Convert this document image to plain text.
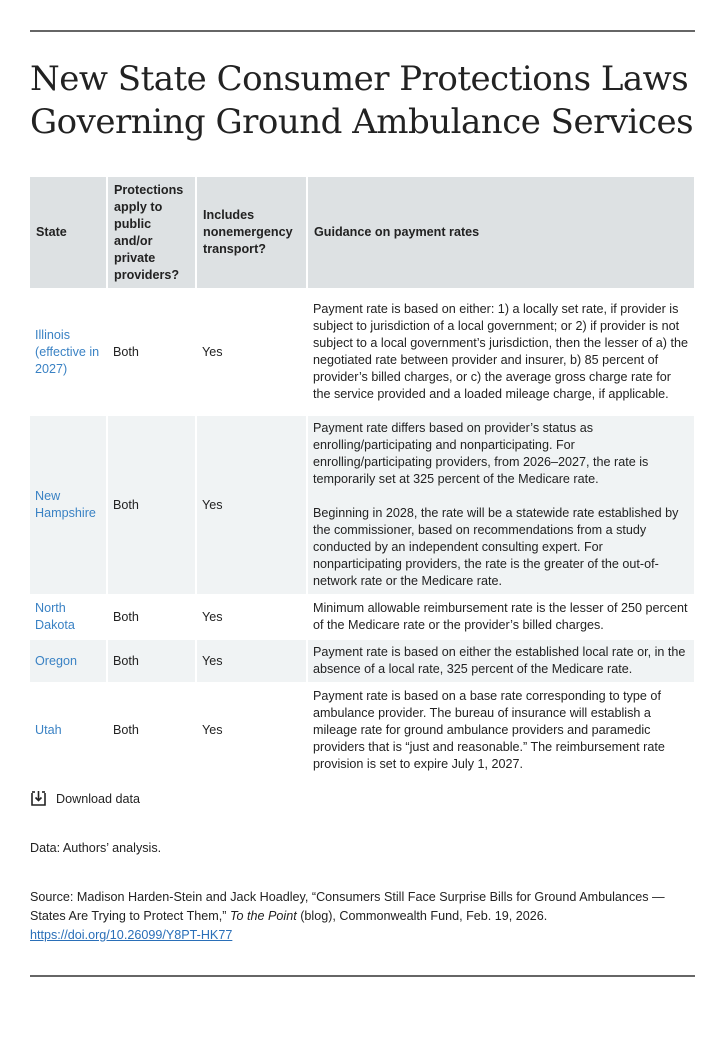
New State Consumer Protections Laws Governing Ground Ambulance Services
State	Protections apply to public and/or private providers?	Includes nonemergency transport?	Guidance on payment rates
Illinois (effective in 2027)	Both	Yes	Payment rate is based on either: 1) a locally set rate, if provider is subject to jurisdiction of a local government; or 2) if provider is not subject to a local government’s jurisdiction, then the lesser of a) the negotiated rate between provider and insurer, b) 85 percent of provider’s billed charges, or c) the average gross charge rate for the service provided and a loaded mileage charge, if applicable.
New Hampshire	Both	Yes	Payment rate differs based on provider’s status as enrolling/participating and nonparticipating. For enrolling/participating providers, from 2026–2027, the rate is temporarily set at 325 percent of the Medicare rate.
Beginning in 2028, the rate will be a statewide rate established by the commissioner, based on recommendations from a study conducted by an independent consulting expert. For nonparticipating providers, the rate is the greater of the out-of-network rate or the Medicare rate.

North Dakota	Both	Yes	Minimum allowable reimbursement rate is the lesser of 250 percent of the Medicare rate or the provider’s billed charges.
Oregon	Both	Yes	Payment rate is based on either the established local rate or, in the absence of a local rate, 325 percent of the Medicare rate.
Utah	Both	Yes	Payment rate is based on a base rate corresponding to type of ambulance provider. The bureau of insurance will establish a mileage rate for ground ambulance providers and paramedic providers that is “just and reasonable.” The reimbursement rate provision is set to expire July 1, 2027.
Download data
Data: Authors’ analysis.
Source: Madison Harden-Stein and Jack Hoadley, “Consumers Still Face Surprise Bills for Ground Ambulances — States Are Trying to Protect Them,” To the Point (blog), Commonwealth Fund, Feb. 19, 2026.
https://doi.org/10.26099/Y8PT-HK77
